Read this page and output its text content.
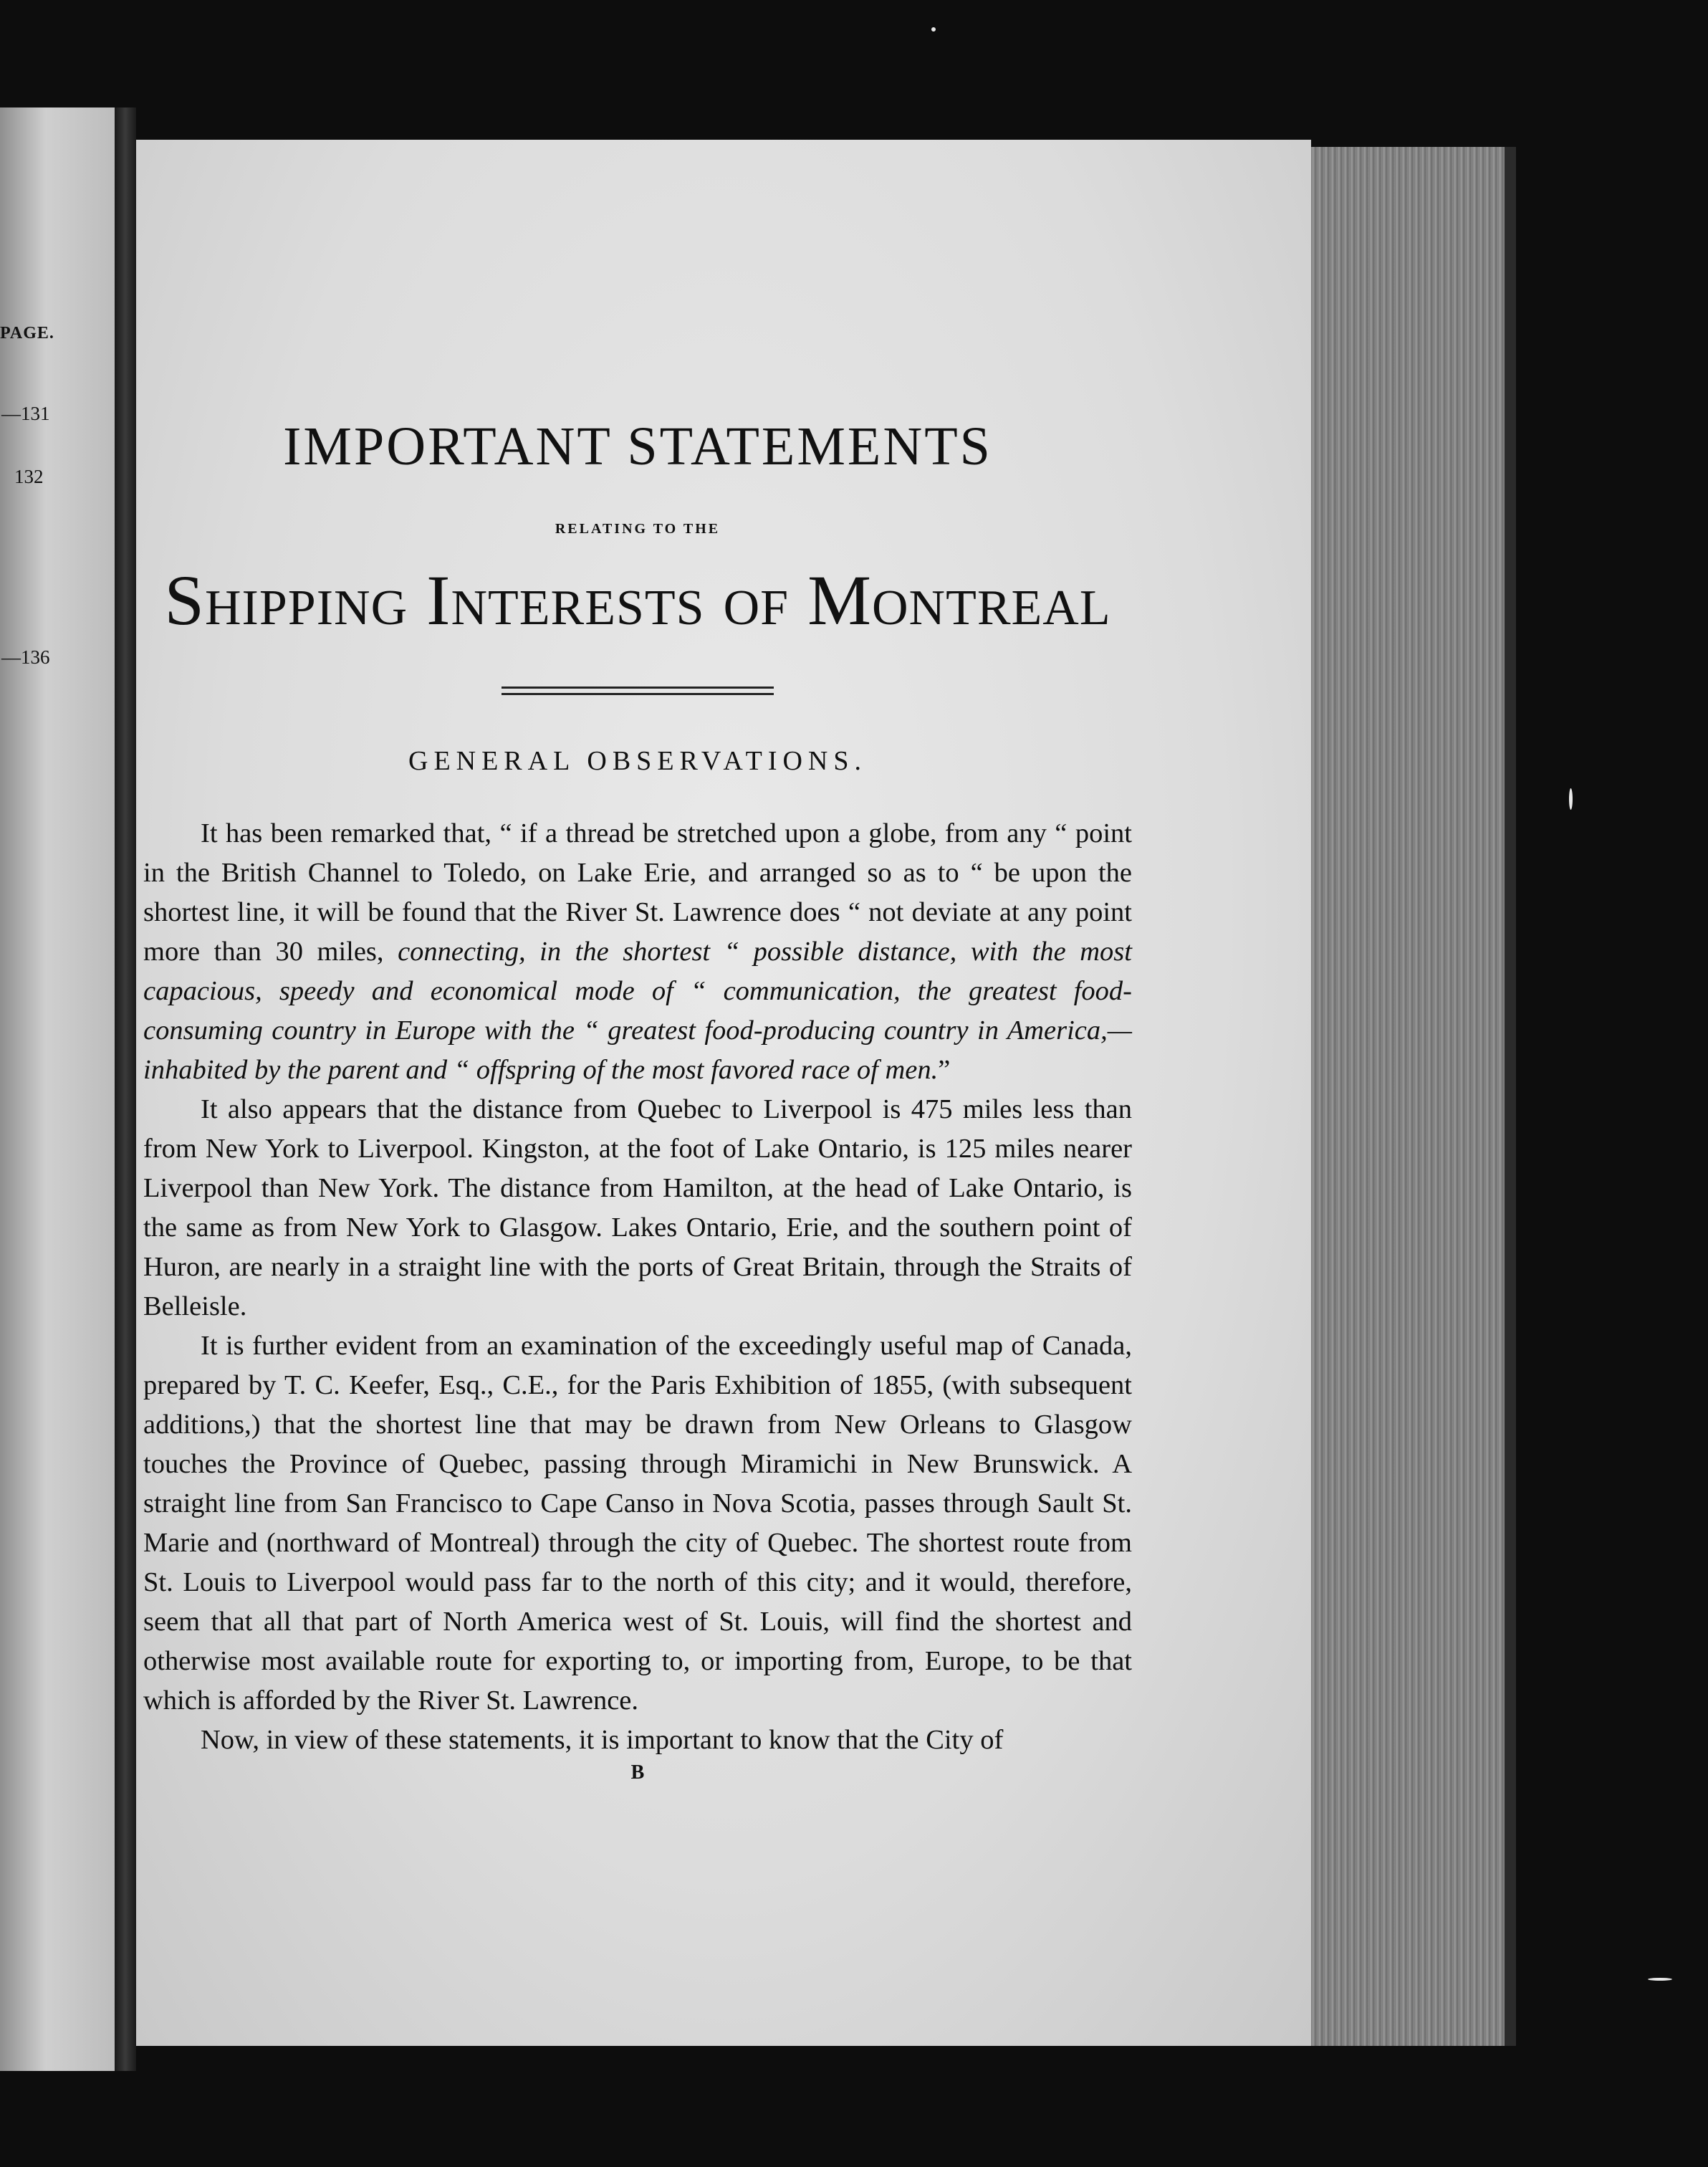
PAGE.
—131
132
—136
IMPORTANT STATEMENTS
RELATING TO THE
Shipping Interests of Montreal
GENERAL OBSERVATIONS.

It has been remarked that, “ if a thread be stretched upon a globe, from any “ point in the British Channel to Toledo, on Lake Erie, and arranged so as to “ be upon the shortest line, it will be found that the River St. Lawrence does “ not deviate at any point more than 30 miles, connecting, in the shortest “ possible distance, with the most capacious, speedy and economical mode of “ communication, the greatest food-consuming country in Europe with the “ greatest food-producing country in America,—inhabited by the parent and “ offspring of the most favored race of men.”

It also appears that the distance from Quebec to Liverpool is 475 miles less than from New York to Liverpool. Kingston, at the foot of Lake Ontario, is 125 miles nearer Liverpool than New York. The distance from Hamilton, at the head of Lake Ontario, is the same as from New York to Glasgow. Lakes Ontario, Erie, and the southern point of Huron, are nearly in a straight line with the ports of Great Britain, through the Straits of Belleisle.

It is further evident from an examination of the exceedingly useful map of Canada, prepared by T. C. Keefer, Esq., C.E., for the Paris Exhibition of 1855, (with subsequent additions,) that the shortest line that may be drawn from New Orleans to Glasgow touches the Province of Quebec, passing through Miramichi in New Brunswick. A straight line from San Francisco to Cape Canso in Nova Scotia, passes through Sault St. Marie and (northward of Montreal) through the city of Quebec. The shortest route from St. Louis to Liverpool would pass far to the north of this city; and it would, therefore, seem that all that part of North America west of St. Louis, will find the shortest and otherwise most available route for exporting to, or importing from, Europe, to be that which is afforded by the River St. Lawrence.

Now, in view of these statements, it is important to know that the City of

B
